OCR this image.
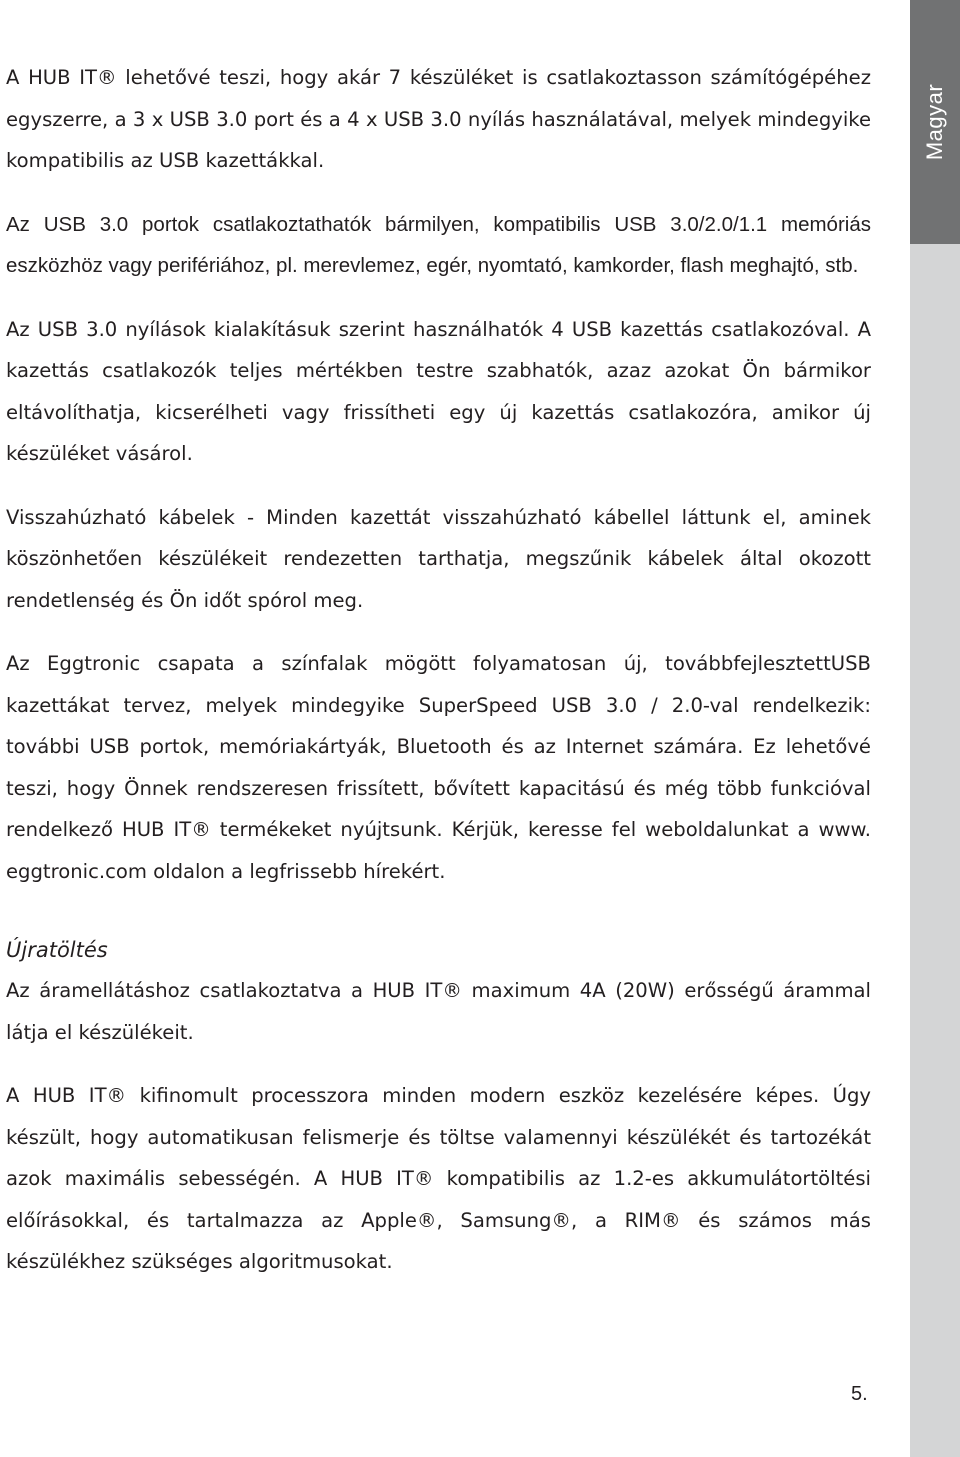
Magyar

A HUB IT® lehetővé teszi, hogy akár 7 készüléket is csatlakoztasson számítógépéhez egyszerre, a 3 x USB 3.0 port és a 4 x USB 3.0 nyílás használatával, melyek mindegyike kompatibilis az USB kazettákkal.

Az USB 3.0 portok csatlakoztathatók bármilyen, kompatibilis USB 3.0/2.0/1.1 memóriás eszközhöz vagy perifériához, pl. merevlemez, egér, nyomtató, kamkorder, flash meghajtó, stb.

Az USB 3.0 nyílások kialakításuk szerint használhatók 4 USB kazettás csatlakozóval. A kazettás csatlakozók teljes mértékben testre szabhatók, azaz azokat Ön bármikor eltávolíthatja, kicserélheti vagy frissítheti egy új kazettás csatlakozóra, amikor új készüléket vásárol.

Visszahúzható kábelek - Minden kazettát visszahúzható kábellel láttunk el, aminek köszönhetően készülékeit rendezetten tarthatja, megszűnik kábelek által okozott rendetlenség és Ön időt spórol meg.

Az Eggtronic csapata a színfalak mögött folyamatosan új, továbbfejlesztettUSB kazettákat tervez, melyek mindegyike SuperSpeed USB 3.0 / 2.0-val rendelkezik: további USB portok, memóriakártyák, Bluetooth és az Internet számára. Ez lehetővé teszi, hogy Önnek rendszeresen frissített, bővített kapacitású és még több funkcióval rendelkező HUB IT® termékeket nyújtsunk. Kérjük, keresse fel weboldalunkat a www. eggtronic.com oldalon a legfrissebb hírekért.

Újratöltés

Az áramellátáshoz csatlakoztatva a HUB IT® maximum 4A (20W) erősségű árammal látja el készülékeit.

A HUB IT® kifinomult processzora minden modern eszköz kezelésére képes. Úgy készült, hogy automatikusan felismerje és töltse valamennyi készülékét és tartozékát azok maximális sebességén. A HUB IT® kompatibilis az 1.2-es akkumulátortöltési előírásokkal, és tartalmazza az Apple®, Samsung®, a RIM® és számos más készülékhez szükséges algoritmusokat.

5.
